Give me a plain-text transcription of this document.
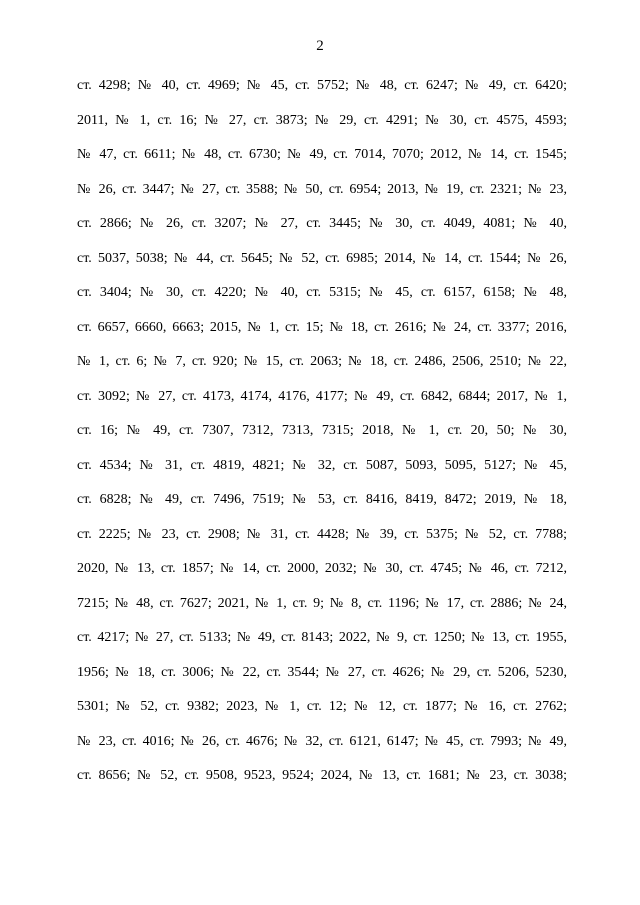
2
ст. 4298; № 40, ст. 4969; № 45, ст. 5752; № 48, ст. 6247; № 49, ст. 6420;
2011, № 1, ст. 16; № 27, ст. 3873; № 29, ст. 4291; № 30, ст. 4575, 4593;
№ 47, ст. 6611; № 48, ст. 6730; № 49, ст. 7014, 7070; 2012, № 14, ст. 1545;
№ 26, ст. 3447; № 27, ст. 3588; № 50, ст. 6954; 2013, № 19, ст. 2321; № 23,
ст. 2866; № 26, ст. 3207; № 27, ст. 3445; № 30, ст. 4049, 4081; № 40,
ст. 5037, 5038; № 44, ст. 5645; № 52, ст. 6985; 2014, № 14, ст. 1544; № 26,
ст. 3404; № 30, ст. 4220; № 40, ст. 5315; № 45, ст. 6157, 6158; № 48,
ст. 6657, 6660, 6663; 2015, № 1, ст. 15; № 18, ст. 2616; № 24, ст. 3377; 2016,
№ 1, ст. 6; № 7, ст. 920; № 15, ст. 2063; № 18, ст. 2486, 2506, 2510; № 22,
ст. 3092; № 27, ст. 4173, 4174, 4176, 4177; № 49, ст. 6842, 6844; 2017, № 1,
ст. 16; № 49, ст. 7307, 7312, 7313, 7315; 2018, № 1, ст. 20, 50; № 30,
ст. 4534; № 31, ст. 4819, 4821; № 32, ст. 5087, 5093, 5095, 5127; № 45,
ст. 6828; № 49, ст. 7496, 7519; № 53, ст. 8416, 8419, 8472; 2019, № 18,
ст. 2225; № 23, ст. 2908; № 31, ст. 4428; № 39, ст. 5375; № 52, ст. 7788;
2020, № 13, ст. 1857; № 14, ст. 2000, 2032; № 30, ст. 4745; № 46, ст. 7212,
7215; № 48, ст. 7627; 2021, № 1, ст. 9; № 8, ст. 1196; № 17, ст. 2886; № 24,
ст. 4217; № 27, ст. 5133; № 49, ст. 8143; 2022, № 9, ст. 1250; № 13, ст. 1955,
1956; № 18, ст. 3006; № 22, ст. 3544; № 27, ст. 4626; № 29, ст. 5206, 5230,
5301; № 52, ст. 9382; 2023, № 1, ст. 12; № 12, ст. 1877; № 16, ст. 2762;
№ 23, ст. 4016; № 26, ст. 4676; № 32, ст. 6121, 6147; № 45, ст. 7993; № 49,
ст. 8656; № 52, ст. 9508, 9523, 9524; 2024, № 13, ст. 1681; № 23, ст. 3038;
